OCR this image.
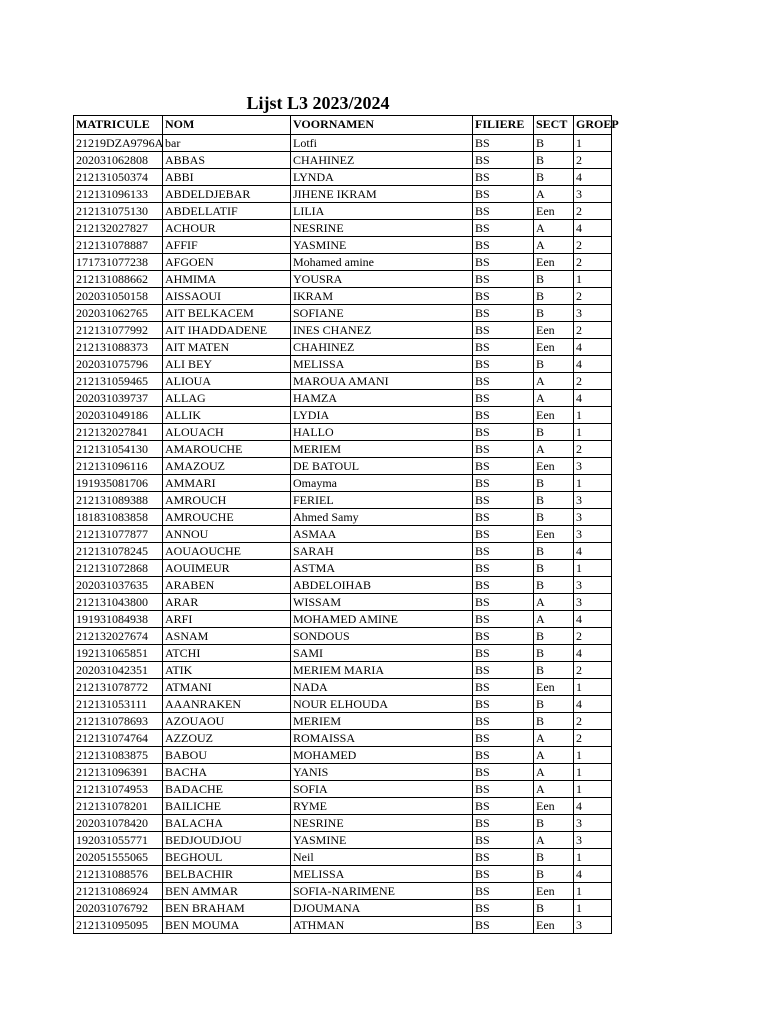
Lijst L3 2023/2024
MATRICULE	NOM	VOORNAMEN	FILIERE	SECT	GROEP
21219DZA9796A	bar	Lotfi	BS	B	1
202031062808	ABBAS	CHAHINEZ	BS	B	2
212131050374	ABBI	LYNDA	BS	B	4
212131096133	ABDELDJEBAR	JIHENE IKRAM	BS	A	3
212131075130	ABDELLATIF	LILIA	BS	Een	2
212132027827	ACHOUR	NESRINE	BS	A	4
212131078887	AFFIF	YASMINE	BS	A	2
171731077238	AFGOEN	Mohamed amine	BS	Een	2
212131088662	AHMIMA	YOUSRA	BS	B	1
202031050158	AISSAOUI	IKRAM	BS	B	2
202031062765	AIT BELKACEM	SOFIANE	BS	B	3
212131077992	AIT IHADDADENE	INES CHANEZ	BS	Een	2
212131088373	AIT MATEN	CHAHINEZ	BS	Een	4
202031075796	ALI BEY	MELISSA	BS	B	4
212131059465	ALIOUA	MAROUA AMANI	BS	A	2
202031039737	ALLAG	HAMZA	BS	A	4
202031049186	ALLIK	LYDIA	BS	Een	1
212132027841	ALOUACH	HALLO	BS	B	1
212131054130	AMAROUCHE	MERIEM	BS	A	2
212131096116	AMAZOUZ	DE BATOUL	BS	Een	3
191935081706	AMMARI	Omayma	BS	B	1
212131089388	AMROUCH	FERIEL	BS	B	3
181831083858	AMROUCHE	Ahmed Samy	BS	B	3
212131077877	ANNOU	ASMAA	BS	Een	3
212131078245	AOUAOUCHE	SARAH	BS	B	4
212131072868	AOUIMEUR	ASTMA	BS	B	1
202031037635	ARABEN	ABDELOIHAB	BS	B	3
212131043800	ARAR	WISSAM	BS	A	3
191931084938	ARFI	MOHAMED AMINE	BS	A	4
212132027674	ASNAM	SONDOUS	BS	B	2
192131065851	ATCHI	SAMI	BS	B	4
202031042351	ATIK	MERIEM MARIA	BS	B	2
212131078772	ATMANI	NADA	BS	Een	1
212131053111	AAANRAKEN	NOUR ELHOUDA	BS	B	4
212131078693	AZOUAOU	MERIEM	BS	B	2
212131074764	AZZOUZ	ROMAISSA	BS	A	2
212131083875	BABOU	MOHAMED	BS	A	1
212131096391	BACHA	YANIS	BS	A	1
212131074953	BADACHE	SOFIA	BS	A	1
212131078201	BAILICHE	RYME	BS	Een	4
202031078420	BALACHA	NESRINE	BS	B	3
192031055771	BEDJOUDJOU	YASMINE	BS	A	3
202051555065	BEGHOUL	Neil	BS	B	1
212131088576	BELBACHIR	MELISSA	BS	B	4
212131086924	BEN AMMAR	SOFIA-NARIMENE	BS	Een	1
202031076792	BEN BRAHAM	DJOUMANA	BS	B	1
212131095095	BEN MOUMA	ATHMAN	BS	Een	3
